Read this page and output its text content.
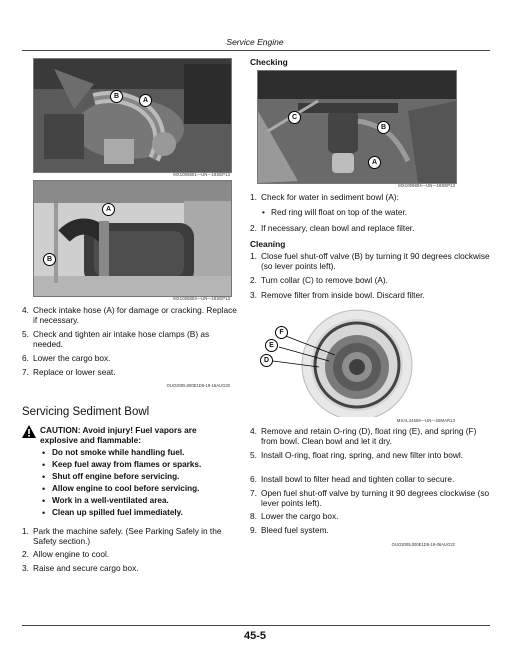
Service Engine
B
A
MX1006801—UN—18SEP13
A
B
MX1006803—UN—18SEP13
4. Check intake hose (A) for damage or cracking. Replace if necessary.
5. Check and tighten air intake hose clamps (B) as needed.
6. Lower the cargo box.
7. Replace or lower seat.
OUO2005,000E1D5-19-16AUG20
Servicing Sediment Bowl
CAUTION: Avoid injury! Fuel vapors are explosive and flammable:
• Do not smoke while handling fuel.
• Keep fuel away from flames or sparks.
• Shut off engine before servicing.
• Allow engine to cool before servicing.
• Work in a well-ventilated area.
• Clean up spilled fuel immediately.
1. Park the machine safely. (See Parking Safely in the Safety section.)
2. Allow engine to cool.
3. Raise and secure cargo box.
Checking
C
B
A
MX1006804—UN—18SEP13
1. Check for water in sediment bowl (A):
• Red ring will float on top of the water.
2. If necessary, clean bowl and replace filter.
Cleaning
1. Close fuel shut-off valve (B) by turning it 90 degrees clockwise (so lever points left).
2. Turn collar (C) to remove bowl (A).
3. Remove filter from inside bowl. Discard filter.
F
E
D
MXAL44559—UN—28MAR13
4. Remove and retain O-ring (D), float ring (E), and spring (F) from bowl. Clean bowl and let it dry.
5. Install O-ring, float ring, spring, and new filter into bowl.
6. Install bowl to filter head and tighten collar to secure.
7. Open fuel shut-off valve by turning it 90 degrees clockwise (so lever points left).
8. Lower the cargo box.
9. Bleed fuel system.
OUO2005,000E1D8-19-06AUG22
45-5
